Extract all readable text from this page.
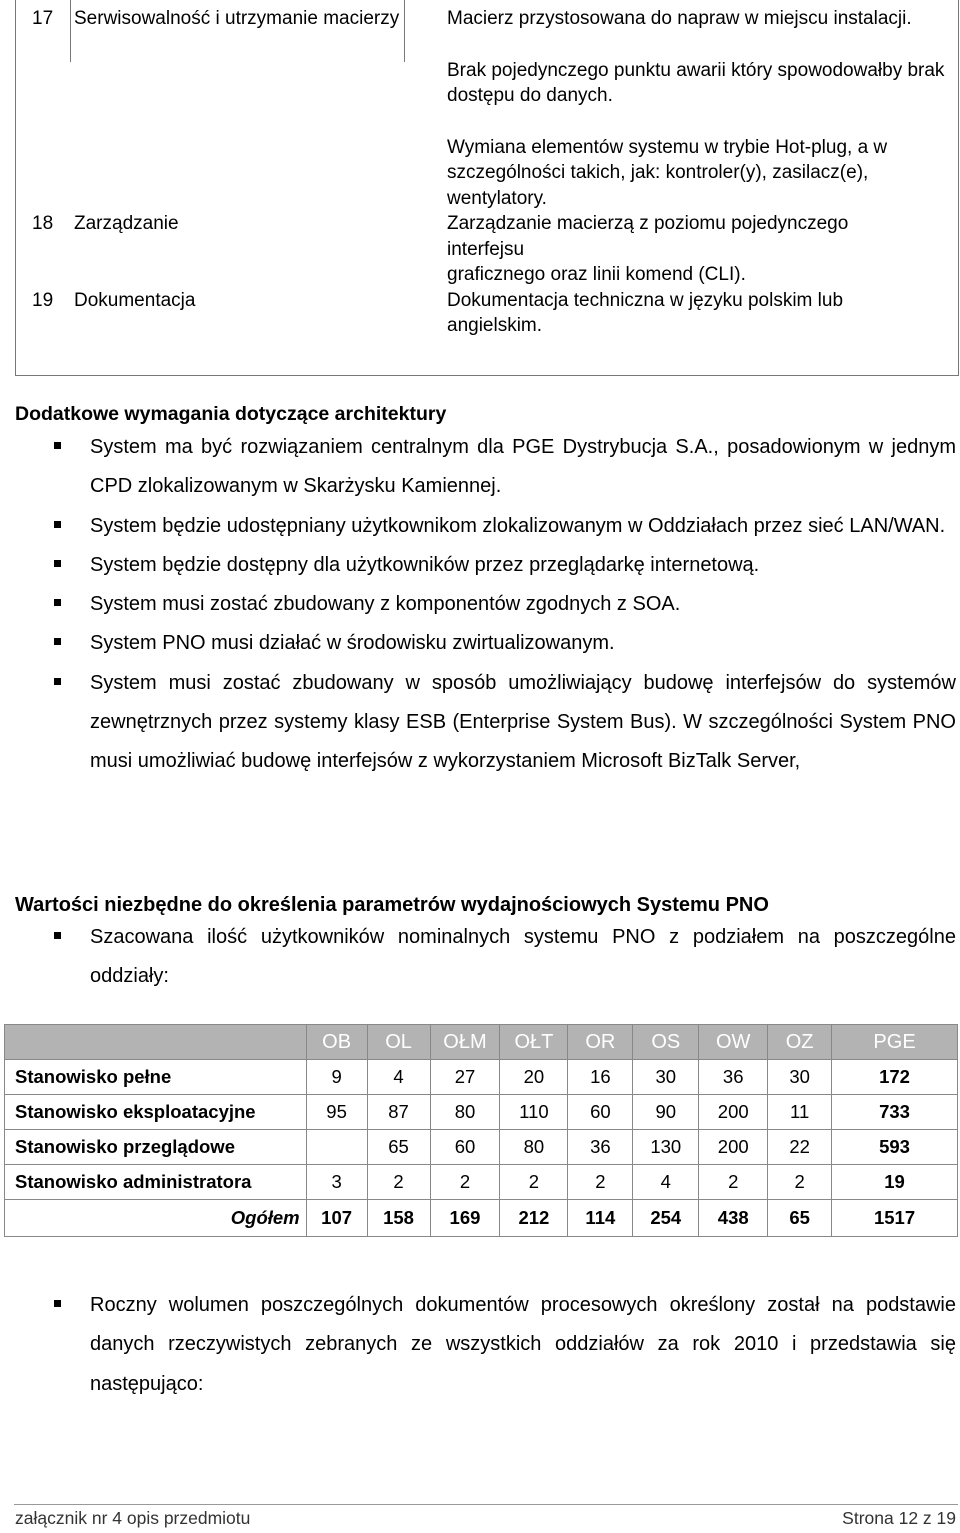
17	Serwisowalność i utrzymanie macierzy	Macierz przystosowana do napraw w miejscu instalacji.

Brak pojedynczego punktu awarii który spowodowałby brak dostępu do danych.

Wymiana elementów systemu w trybie Hot-plug, a w szczególności takich, jak: kontroler(y), zasilacz(e), wentylatory.

18	Zarządzanie	Zarządzanie macierzą z poziomu pojedynczego interfejsu
graficznego oraz linii komend (CLI).

19	Dokumentacja	Dokumentacja techniczna w języku polskim lub angielskim.
Dodatkowe wymagania dotyczące architektury
System ma być rozwiązaniem centralnym dla PGE Dystrybucja S.A., posadowionym w jednym CPD zlokalizowanym w Skarżysku Kamiennej.
System będzie udostępniany użytkownikom zlokalizowanym w Oddziałach przez sieć LAN/WAN.
System będzie dostępny dla użytkowników przez przeglądarkę internetową.
System musi zostać zbudowany z komponentów zgodnych z SOA.
System PNO musi działać w środowisku zwirtualizowanym.
System musi zostać zbudowany w sposób umożliwiający budowę interfejsów do systemów zewnętrznych przez systemy klasy ESB (Enterprise System Bus). W szczególności System PNO musi umożliwiać budowę interfejsów z wykorzystaniem Microsoft BizTalk Server,
Wartości niezbędne do określenia parametrów wydajnościowych Systemu PNO
Szacowana ilość użytkowników nominalnych systemu PNO z podziałem na poszczególne oddziały:
	OB	OL	OŁM	OŁT	OR	OS	OW	OZ	PGE
Stanowisko pełne	9	4	27	20	16	30	36	30	172
Stanowisko eksploatacyjne	95	87	80	110	60	90	200	11	733
Stanowisko przeglądowe		65	60	80	36	130	200	22	593
Stanowisko administratora	3	2	2	2	2	4	2	2	19
Ogółem	107	158	169	212	114	254	438	65	1517
Roczny wolumen poszczególnych dokumentów procesowych określony został na podstawie danych rzeczywistych zebranych ze wszystkich oddziałów za rok 2010 i przedstawia się następująco:
załącznik nr 4 opis przedmiotu	Strona 12 z 19
